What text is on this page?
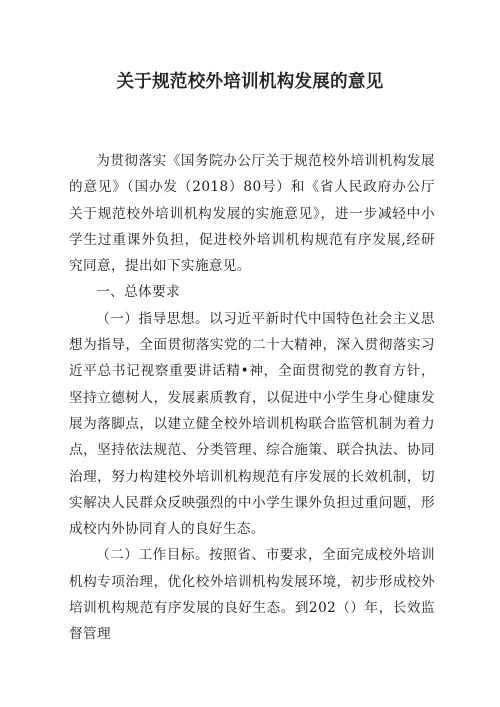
关于规范校外培训机构发展的意见

为贯彻落实《国务院办公厅关于规范校外培训机构发展的意见》（国办发（2018）80号）和《省人民政府办公厅关于规范校外培训机构发展的实施意见》，进一步减轻中小学生过重课外负担，促进校外培训机构规范有序发展,经研究同意，提出如下实施意见。

一、总体要求

（一）指导思想。以习近平新时代中国特色社会主义思想为指导，全面贯彻落实党的二十大精神，深入贯彻落实习近平总书记视察重要讲话精•神，全面贯彻党的教育方针，坚持立德树人，发展素质教育，以促进中小学生身心健康发展为落脚点，以建立健全校外培训机构联合监管机制为着力点，坚持依法规范、分类管理、综合施策、联合执法、协同治理，努力构建校外培训机构规范有序发展的长效机制，切实解决人民群众反映强烈的中小学生课外负担过重问题，形成校内外协同育人的良好生态。

（二）工作目标。按照省、市要求，全面完成校外培训机构专项治理，优化校外培训机构发展环境，初步形成校外培训机构规范有序发展的良好生态。到202（）年，长效监督管理
